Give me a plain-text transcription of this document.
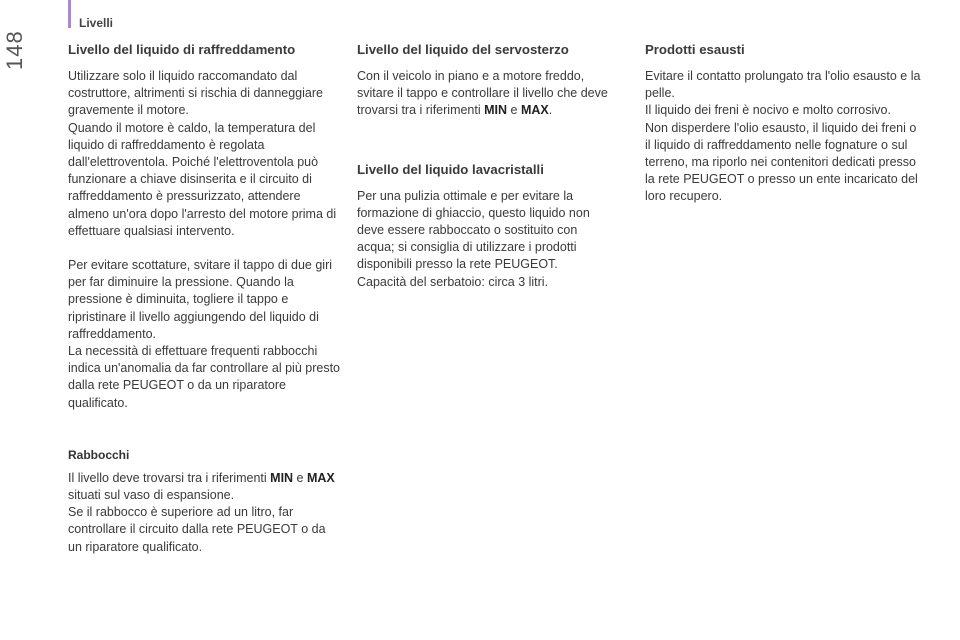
148
Livelli
Livello del liquido di raffreddamento

Utilizzare solo il liquido raccomandato dal costruttore, altrimenti si rischia di danneggiare gravemente il motore.

Quando il motore è caldo, la temperatura del liquido di raffreddamento è regolata dall'elettroventola. Poiché l'elettroventola può funzionare a chiave disinserita e il circuito di raffreddamento è pressurizzato, attendere almeno un'ora dopo l'arresto del motore prima di effettuare qualsiasi intervento.

Per evitare scottature, svitare il tappo di due giri per far diminuire la pressione. Quando la pressione è diminuita, togliere il tappo e ripristinare il livello aggiungendo del liquido di raffreddamento.

La necessità di effettuare frequenti rabbocchi indica un'anomalia da far controllare al più presto dalla rete PEUGEOT o da un riparatore qualificato.

Rabbocchi

Il livello deve trovarsi tra i riferimenti MIN e MAX situati sul vaso di espansione.

Se il rabbocco è superiore ad un litro, far controllare il circuito dalla rete PEUGEOT o da un riparatore qualificato.

Livello del liquido del servosterzo

Con il veicolo in piano e a motore freddo, svitare il tappo e controllare il livello che deve trovarsi tra i riferimenti MIN e MAX.

Livello del liquido lavacristalli

Per una pulizia ottimale e per evitare la formazione di ghiaccio, questo liquido non deve essere rabboccato o sostituito con acqua; si consiglia di utilizzare i prodotti disponibili presso la rete PEUGEOT.

Capacità del serbatoio: circa 3 litri.

Prodotti esausti

Evitare il contatto prolungato tra l'olio esausto e la pelle.

Il liquido dei freni è nocivo e molto corrosivo.

Non disperdere l'olio esausto, il liquido dei freni o il liquido di raffreddamento nelle fognature o sul terreno, ma riporlo nei contenitori dedicati presso la rete PEUGEOT o presso un ente incaricato del loro recupero.
